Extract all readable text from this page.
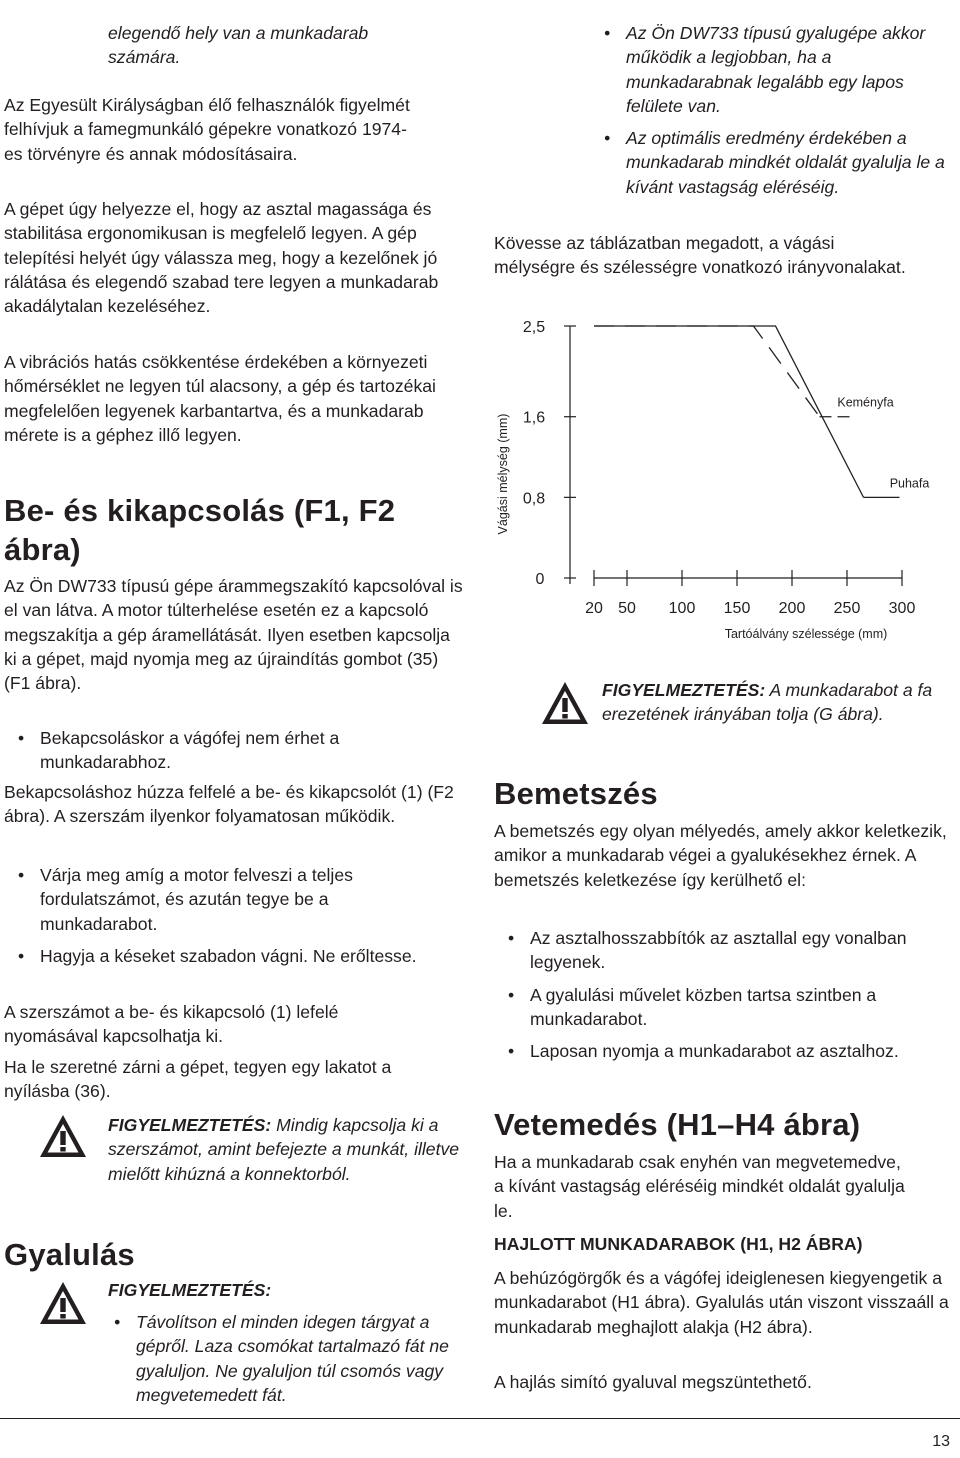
elegendő hely van a munkadarab számára.

Az Egyesült Királyságban élő felhasználók figyelmét felhívjuk a famegmunkáló gépekre vonatkozó 1974-es törvényre és annak módosításaira.

A gépet úgy helyezze el, hogy az asztal magassága és stabilitása ergonomikusan is megfelelő legyen. A gép telepítési helyét úgy válassza meg, hogy a kezelőnek jó rálátása és elegendő szabad tere legyen a munkadarab akadálytalan kezeléséhez.

A vibrációs hatás csökkentése érdekében a környezeti hőmérséklet ne legyen túl alacsony, a gép és tartozékai megfelelően legyenek karbantartva, és a munkadarab mérete is a géphez illő legyen.

Be- és kikapcsolás (F1, F2 ábra)

Az Ön DW733 típusú gépe árammegszakító kapcsolóval is el van látva. A motor túlterhelése esetén ez a kapcsoló megszakítja a gép áramellátását. Ilyen esetben kapcsolja ki a gépet, majd nyomja meg az újraindítás gombot (35) (F1 ábra).

• Bekapcsoláskor a vágófej nem érhet a munkadarabhoz.

Bekapcsoláshoz húzza felfelé a be- és kikapcsolót (1) (F2 ábra). A szerszám ilyenkor folyamatosan működik.

• Várja meg amíg a motor felveszi a teljes fordulatszámot, és azután tegye be a munkadarabot.
• Hagyja a késeket szabadon vágni. Ne erőltesse.

A szerszámot a be- és kikapcsoló (1) lefelé nyomásával kapcsolhatja ki.

Ha le szeretné zárni a gépet, tegyen egy lakatot a nyílásba (36).

FIGYELMEZTETÉS: Mindig kapcsolja ki a szerszámot, amint befejezte a munkát, illetve mielőtt kihúzná a konnektorból.
Gyalulás
FIGYELMEZTETÉS:
• Távolítson el minden idegen tárgyat a gépről. Laza csomókat tartalmazó fát ne gyaluljon. Ne gyaluljon túl csomós vagy megvetemedett fát.
• Az Ön DW733 típusú gyalugépe akkor működik a legjobban, ha a munkadarabnak legalább egy lapos felülete van.
• Az optimális eredmény érdekében a munkadarab mindkét oldalát gyalulja le a kívánt vastagság eléréséig.

Kövesse az táblázatban megadott, a vágási mélységre és szélességre vonatkozó irányvonalakat.

Vágási mélység (mm)
Tartóálvány szélessége (mm)
2,5
1,6
0,8
0
20 50 100 150 200 250 300
Puhafa
Keményfa
FIGYELMEZTETÉS: A munkadarabot a fa erezetének irányában tolja (G ábra).
Bemetszés

A bemetszés egy olyan mélyedés, amely akkor keletkezik, amikor a munkadarab végei a gyalukésekhez érnek. A bemetszés keletkezése így kerülhető el:

• Az asztalhosszabbítók az asztallal egy vonalban legyenek.
• A gyalulási művelet közben tartsa szintben a munkadarabot.
• Laposan nyomja a munkadarabot az asztalhoz.
Vetemedés (H1–H4 ábra)

Ha a munkadarab csak enyhén van megvetemedve, a kívánt vastagság eléréséig mindkét oldalát gyalulja le.

HAJLOTT MUNKADARABOK (H1, H2 ÁBRA)

A behúzógörgők és a vágófej ideiglenesen kiegyengetik a munkadarabot (H1 ábra). Gyalulás után viszont visszaáll a munkadarab meghajlott alakja (H2 ábra).

A hajlás simító gyaluval megszüntethető.

13
